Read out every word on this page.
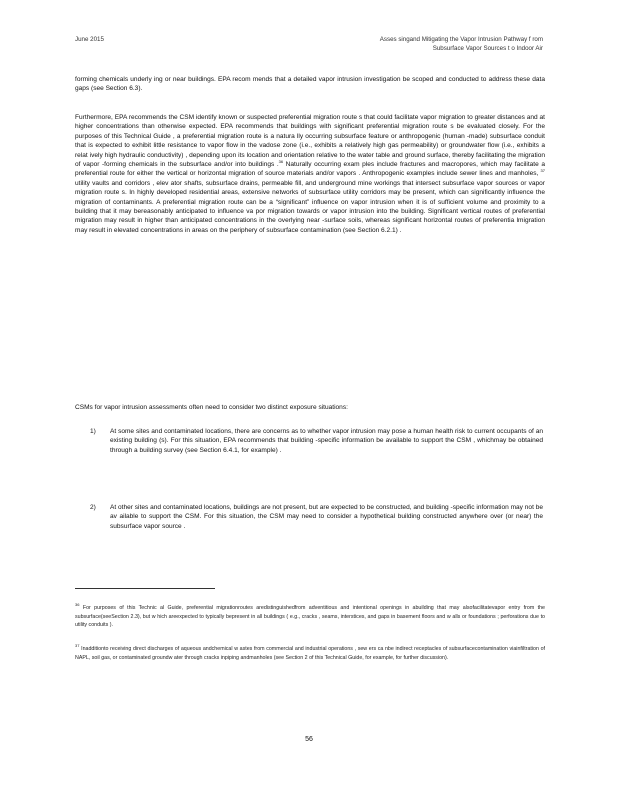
June 2015	Asses singand Mitigating the Vapor Intrusion Pathway f rom
Subsurface Vapor Sources t o Indoor Air
forming chemicals underly ing or near buildings. EPA recom mends that a detailed vapor intrusion investigation be scoped and conducted to address these data gaps (see Section 6.3).
Furthermore, EPA recommends the CSM identify known or suspected preferential migration route s that could facilitate vapor migration to greater distances and at higher concentrations than otherwise expected. EPA recommends that buildings with significant preferential migration route s be evaluated closely. For the purposes of this Technical Guide , a preferential migration route is a natura lly occurring subsurface feature or anthropogenic (human -made) subsurface conduit that is expected to exhibit little resistance to vapor flow in the vadose zone (i.e., exhibits a relatively high gas permeability) or groundwater flow (i.e., exhibits a relat ively high hydraulic conductivity) , depending upon its location and orientation relative to the water table and ground surface, thereby facilitating the migration of vapor -forming chemicals in the subsurface and/or into buildings .$^{36}$ Naturally occurring exam ples include fractures and macropores, which may facilitate a preferential route for either the vertical or horizontal migration of source materials and/or vapors . Anthropogenic examples include sewer lines and manholes, $^{37}$ utility vaults and corridors , elev ator shafts, subsurface drains, permeable fill, and underground mine workings that intersect subsurface vapor sources or vapor migration route s. In highly developed residential areas, extensive networks of subsurface utility corridors may be present, which can significantly influence the migration of contaminants. A preferential migration route can be a “significant” influence on vapor intrusion when it is of sufficient volume and proximity to a building that it may bereasonably anticipated to influence va por migration towards or vapor intrusion into the building. Significant vertical routes of preferential migration may result in higher than anticipated concentrations in the overlying near -surface soils, whereas significant horizontal routes of preferentia lmigration may result in elevated concentrations in areas on the periphery of subsurface contamination (see Section 6.2.1) .
CSMs for vapor intrusion assessments often need to consider two distinct exposure situations:
1) At some sites and contaminated locations, there are concerns as to whether vapor intrusion may pose a human health risk to current occupants of an existing building (s). For this situation, EPA recommends that building -specific information be available to support the CSM , whichmay be obtained through a building survey (see Section 6.4.1, for example) .
2) At other sites and contaminated locations, buildings are not present, but are expected to be constructed, and building -specific information may not be av ailable to support the CSM. For this situation, the CSM may need to consider a hypothetical building constructed anywhere over (or near) the subsurface vapor source .
$^{36}$ For purposes of this Technic al Guide, preferential migrationroutes aredistinguishedfrom adventitious and intentional openings in abuilding that may alsofacilitatevapor entry from the subsurface(seeSection 2.3), but w hich areexpected to typically bepresent in all buildings ( e.g., cracks , seams, interstices, and gaps in basement floors and w alls or foundations ; perforations due to utility conduits ).
$^{37}$ Inadditionto receiving direct discharges of aqueous andchemical w astes from commercial and industrial operations , sew ers ca nbe indirect receptacles of subsurfacecontamination viainfiltration of NAPL, soil gas, or contaminated groundw ater through cracks inpiping andmanholes (see Section 2 of this Technical Guide, for example, for further discussion).
56
